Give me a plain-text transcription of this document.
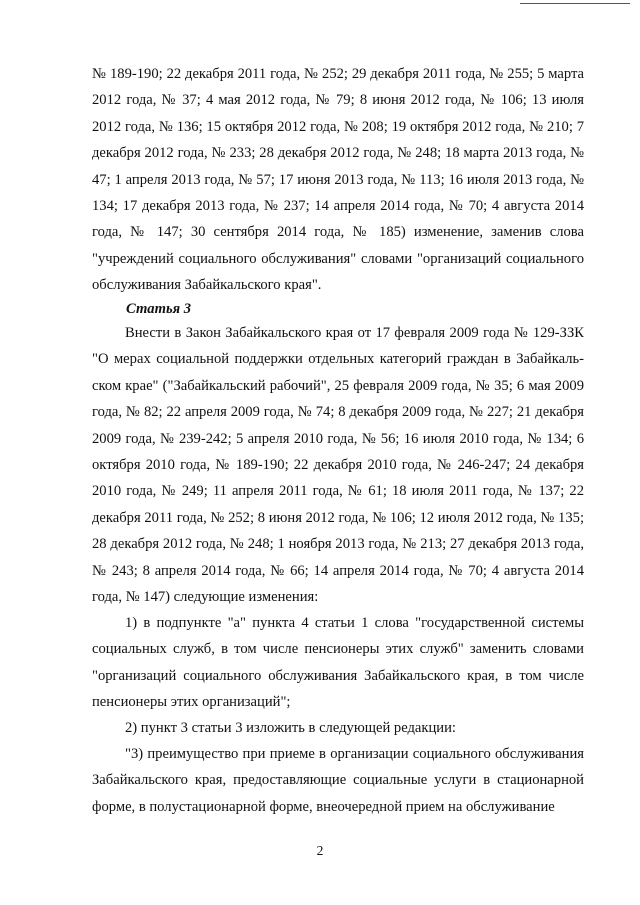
№ 189-190; 22 декабря 2011 года, № 252; 29 декабря 2011 года, № 255; 5 марта 2012 года, № 37; 4 мая 2012 года, № 79; 8 июня 2012 года, № 106; 13 июля 2012 года, № 136; 15 октября 2012 года, № 208; 19 октября 2012 года, № 210; 7 декабря 2012 года, № 233; 28 декабря 2012 года, № 248; 18 марта 2013 года, № 47; 1 апреля 2013 года, № 57; 17 июня 2013 года, № 113; 16 июля 2013 года, № 134; 17 декабря 2013 года, № 237; 14 апреля 2014 года, № 70; 4 августа 2014 года, № 147; 30 сентября 2014 года, № 185) изменение, заменив слова "учреждений социального обслуживания" словами "организаций социального обслуживания Забайкальского края".

Статья 3

Внести в Закон Забайкальского края от 17 февраля 2009 года № 129-ЗЗК "О мерах социальной поддержки отдельных категорий граждан в Забайкаль-ском крае" ("Забайкальский рабочий", 25 февраля 2009 года, № 35; 6 мая 2009 года, № 82; 22 апреля 2009 года, № 74; 8 декабря 2009 года, № 227; 21 декабря 2009 года, № 239-242; 5 апреля 2010 года, № 56; 16 июля 2010 года, № 134; 6 октября 2010 года, № 189-190; 22 декабря 2010 года, № 246-247; 24 декабря 2010 года, № 249; 11 апреля 2011 года, № 61; 18 июля 2011 года, № 137; 22 декабря 2011 года, № 252; 8 июня 2012 года, № 106; 12 июля 2012 года, № 135; 28 декабря 2012 года, № 248; 1 ноября 2013 года, № 213; 27 декабря 2013 года, № 243; 8 апреля 2014 года, № 66; 14 апреля 2014 года, № 70; 4 августа 2014 года, № 147) следующие изменения:

1) в подпункте "а" пункта 4 статьи 1 слова "государственной системы социальных служб, в том числе пенсионеры этих служб" заменить словами "организаций социального обслуживания Забайкальского края, в том числе пенсионеры этих организаций";

2) пункт 3 статьи 3 изложить в следующей редакции:

"3) преимущество при приеме в организации социального обслуживания Забайкальского края, предоставляющие социальные услуги в стационарной форме, в полустационарной форме, внеочередной прием на обслуживание

2
